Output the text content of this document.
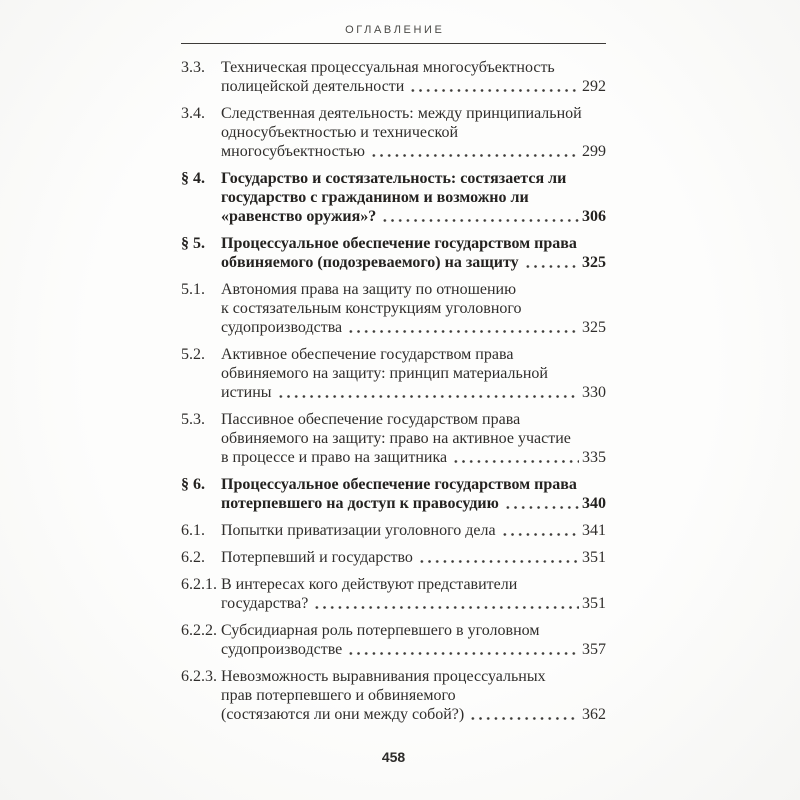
ОГЛАВЛЕНИЕ
3.3.	Техническая процессуальная многосубъектность
полицейской деятельности	292
3.4.	Следственная деятельность: между принципиальной
односубъектностью и технической
многосубъектностью	299
§ 4.	Государство и состязательность: состязается ли
государство с гражданином и возможно ли
«равенство оружия»?	306
§ 5.	Процессуальное обеспечение государством права
обвиняемого (подозреваемого) на защиту	325
5.1.	Автономия права на защиту по отношению
к состязательным конструкциям уголовного
судопроизводства	325
5.2.	Активное обеспечение государством права
обвиняемого на защиту: принцип материальной
истины	330
5.3.	Пассивное обеспечение государством права
обвиняемого на защиту: право на активное участие
в процессе и право на защитника	335
§ 6.	Процессуальное обеспечение государством права
потерпевшего на доступ к правосудию	340
6.1.	Попытки приватизации уголовного дела	341
6.2.	Потерпевший и государство	351
6.2.1. В интересах кого действуют представители
государства?	351
6.2.2. Субсидиарная роль потерпевшего в уголовном
судопроизводстве	357
6.2.3. Невозможность выравнивания процессуальных
прав потерпевшего и обвиняемого
(состязаются ли они между собой?)	362
458
